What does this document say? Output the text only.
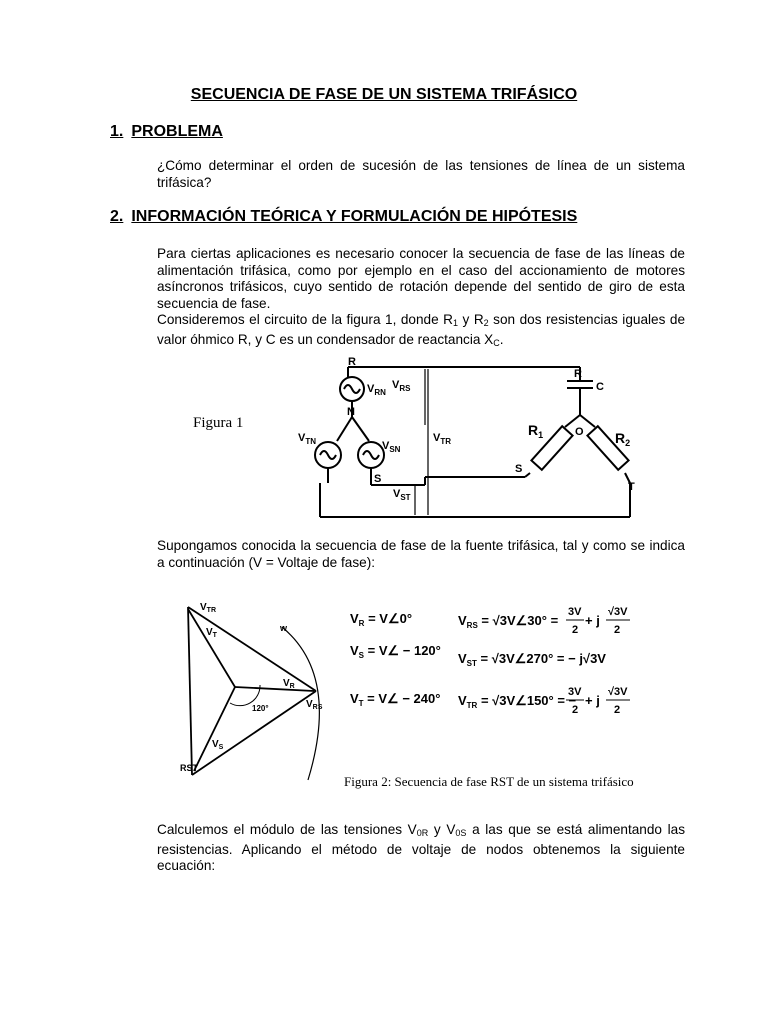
SECUENCIA DE FASE DE UN SISTEMA TRIFÁSICO
1. PROBLEMA

¿Cómo determinar el orden de sucesión de las tensiones de línea de un sistema trifásica?

2. INFORMACIÓN TEÓRICA Y FORMULACIÓN DE HIPÓTESIS

Para ciertas aplicaciones es necesario conocer la secuencia de fase de las líneas de alimentación trifásica, como por ejemplo en el caso del accionamiento de motores asíncronos trifásicos, cuyo sentido de rotación depende del sentido de giro de esta secuencia de fase.

Consideremos el circuito de la figura 1, donde $R_1$ y $R_2$ son dos resistencias iguales de valor óhmico R, y C es un condensador de reactancia $X_C$.

R
N
S
R
C
O
S
T
$R_1$	$R_2$
$V_{RN}$
$V_{RS}$
$V_{TN}$	$V_{SN}$
$V_{TR}$
$V_{ST}$
Figura 1

Supongamos conocida la secuencia de fase de la fuente trifásica, tal y como se indica a continuación (V = Voltaje de fase):

$V_{TR}$
$V_T$
$V_R$
$V_{RS}$
$V_S$
RST
120°
w
$V_R$ = V∠0°
$V_S$ = V∠ − 120°
$V_T$ = V∠ − 240°
$V_{RS}$ = √3V∠30° =
3V
2
+ j
√3V
2
$V_{ST}$ = √3V∠270° = − j√3V
$V_{TR}$ = √3V∠150° = −
3V
2
+ j
√3V
2
Figura 2: Secuencia de fase RST de un sistema trifásico

Calculemos el módulo de las tensiones $V_{0R}$ y $V_{0S}$ a las que se está alimentando las resistencias. Aplicando el método de voltaje de nodos obtenemos la siguiente ecuación:
